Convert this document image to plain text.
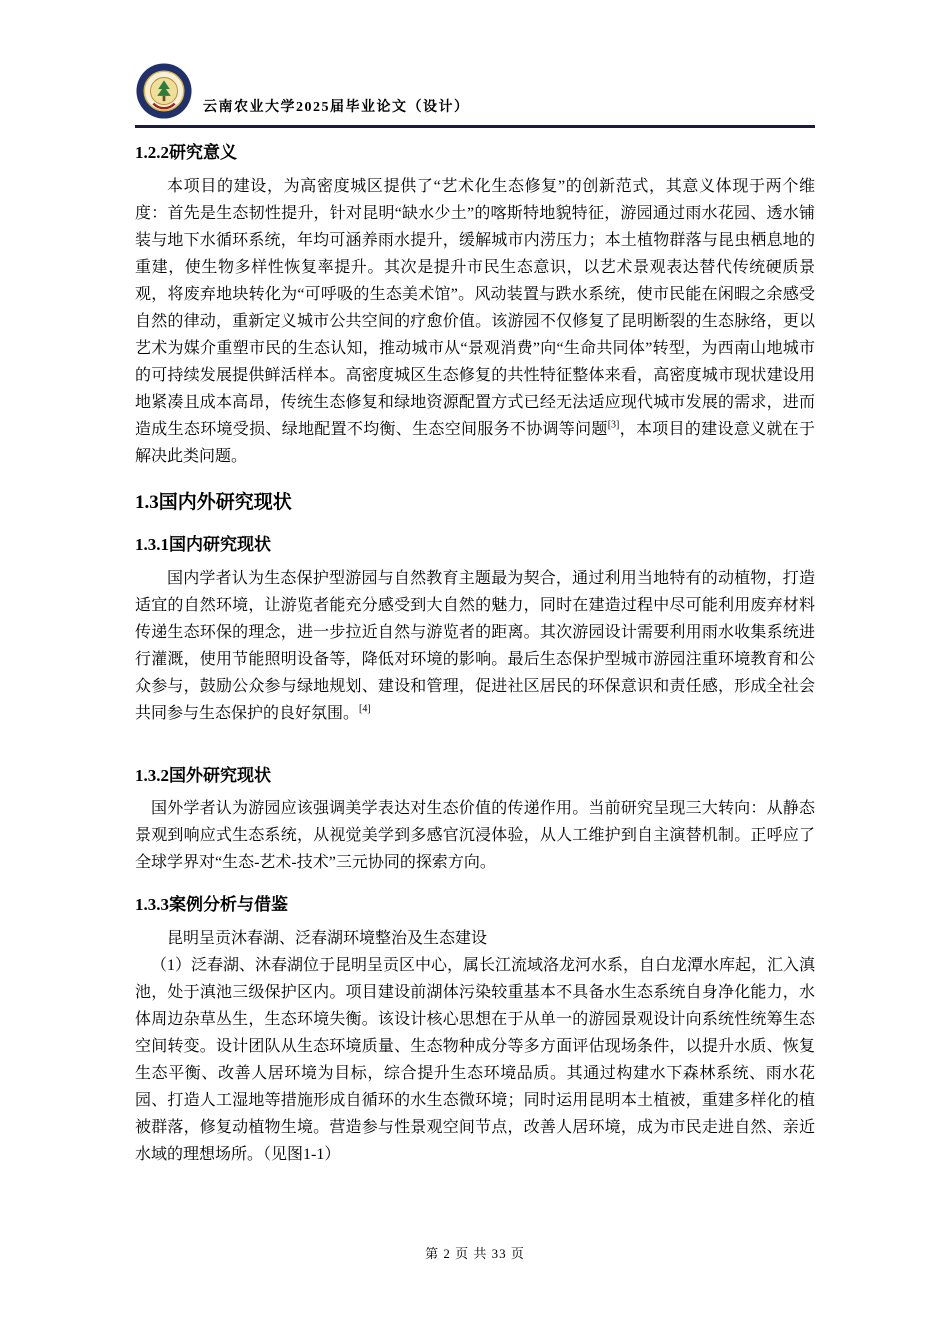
云南农业大学2025届毕业论文（设计）
1.2.2研究意义

本项目的建设，为高密度城区提供了“艺术化生态修复”的创新范式，其意义体现于两个维度：首先是生态韧性提升，针对昆明“缺水少土”的喀斯特地貌特征，游园通过雨水花园、透水铺装与地下水循环系统，年均可涵养雨水提升，缓解城市内涝压力；本土植物群落与昆虫栖息地的重建，使生物多样性恢复率提升。其次是提升市民生态意识，以艺术景观表达替代传统硬质景观，将废弃地块转化为“可呼吸的生态美术馆”。风动装置与跌水系统，使市民能在闲暇之余感受自然的律动，重新定义城市公共空间的疗愈价值。该游园不仅修复了昆明断裂的生态脉络，更以艺术为媒介重塑市民的生态认知，推动城市从“景观消费”向“生命共同体”转型，为西南山地城市的可持续发展提供鲜活样本。高密度城区生态修复的共性特征整体来看，高密度城市现状建设用地紧凑且成本高昂，传统生态修复和绿地资源配置方式已经无法适应现代城市发展的需求，进而造成生态环境受损、绿地配置不均衡、生态空间服务不协调等问题[3]，本项目的建设意义就在于解决此类问题。

1.3国内外研究现状
1.3.1国内研究现状

国内学者认为生态保护型游园与自然教育主题最为契合，通过利用当地特有的动植物，打造适宜的自然环境，让游览者能充分感受到大自然的魅力，同时在建造过程中尽可能利用废弃材料传递生态环保的理念，进一步拉近自然与游览者的距离。其次游园设计需要利用雨水收集系统进行灌溉，使用节能照明设备等，降低对环境的影响。最后生态保护型城市游园注重环境教育和公众参与，鼓励公众参与绿地规划、建设和管理，促进社区居民的环保意识和责任感，形成全社会共同参与生态保护的良好氛围。[4]

1.3.2国外研究现状

国外学者认为游园应该强调美学表达对生态价值的传递作用。当前研究呈现三大转向：从静态景观到响应式生态系统，从视觉美学到多感官沉浸体验，从人工维护到自主演替机制。正呼应了全球学界对“生态-艺术-技术”三元协同的探索方向。

1.3.3案例分析与借鉴

昆明呈贡沐春湖、泛春湖环境整治及生态建设

（1）泛春湖、沐春湖位于昆明呈贡区中心，属长江流域洛龙河水系，自白龙潭水库起，汇入滇池，处于滇池三级保护区内。项目建设前湖体污染较重基本不具备水生态系统自身净化能力，水体周边杂草丛生，生态环境失衡。该设计核心思想在于从单一的游园景观设计向系统性统筹生态空间转变。设计团队从生态环境质量、生态物种成分等多方面评估现场条件，以提升水质、恢复生态平衡、改善人居环境为目标，综合提升生态环境品质。其通过构建水下森林系统、雨水花园、打造人工湿地等措施形成自循环的水生态微环境；同时运用昆明本土植被，重建多样化的植被群落，修复动植物生境。营造参与性景观空间节点，改善人居环境，成为市民走进自然、亲近水域的理想场所。（见图1-1）

第 2 页 共 33 页
